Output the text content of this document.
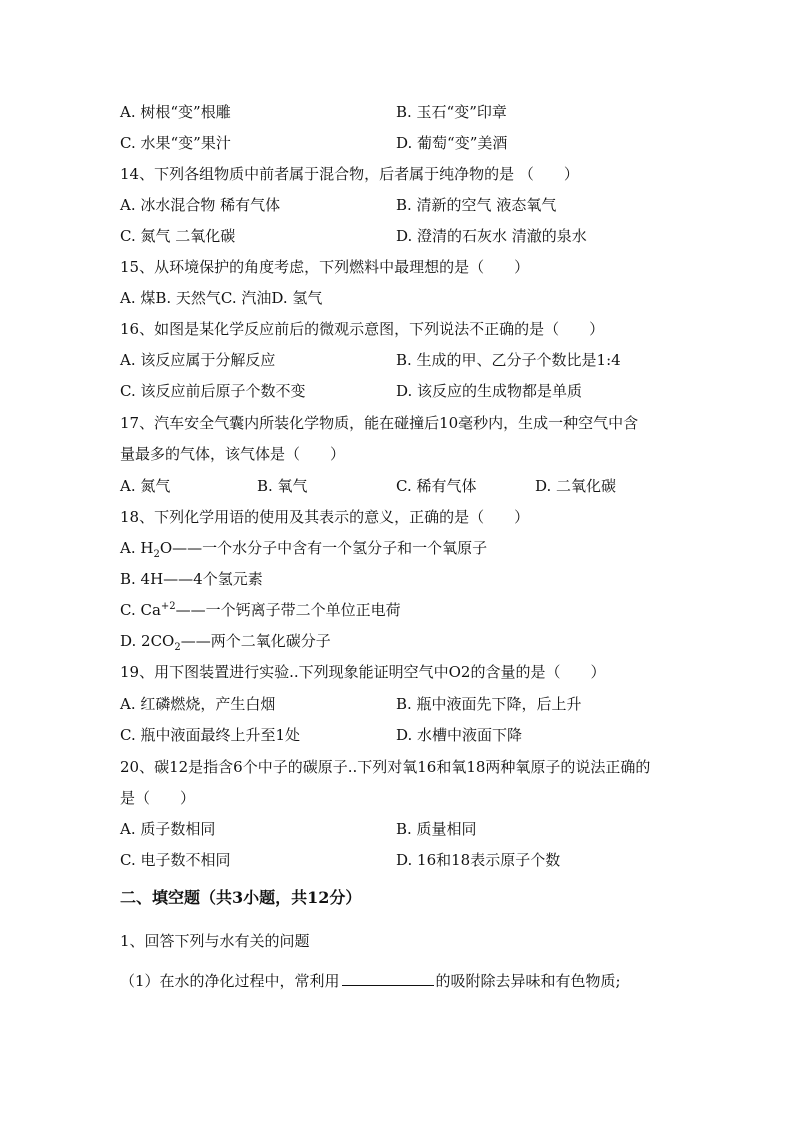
A. 树根“变”根雕	B. 玉石“变”印章
C. 水果“变”果汁	D. 葡萄“变”美酒
14、下列各组物质中前者属于混合物，后者属于纯净物的是 （　　）
A. 冰水混合物 稀有气体	B. 清新的空气 液态氧气
C. 氮气 二氧化碳	D. 澄清的石灰水 清澈的泉水
15、从环境保护的角度考虑，下列燃料中最理想的是（　　）
A. 煤B. 天然气C. 汽油D. 氢气
16、如图是某化学反应前后的微观示意图，下列说法不正确的是（　　）
A. 该反应属于分解反应	B. 生成的甲、乙分子个数比是1:4
C. 该反应前后原子个数不变	D. 该反应的生成物都是单质
17、汽车安全气囊内所装化学物质，能在碰撞后10毫秒内，生成一种空气中含
量最多的气体，该气体是（　　）
A. 氮气	B. 氧气	C. 稀有气体	D. 二氧化碳
18、下列化学用语的使用及其表示的意义，正确的是（　　）
A. $H_2O——$一个水分子中含有一个氢分子和一个氧原子
B. 4H——4个氢元素
C. $Ca^{+2}——$一个钙离子带二个单位正电荷
D. $2CO_2——$两个二氧化碳分子
19、用下图装置进行实验..下列现象能证明空气中O2的含量的是（　　）
A. 红磷燃烧，产生白烟	B. 瓶中液面先下降，后上升
C. 瓶中液面最终上升至1处	D. 水槽中液面下降
20、碳12是指含6个中子的碳原子..下列对氧16和氧18两种氧原子的说法正确的
是（　　）
A. 质子数相同	B. 质量相同
C. 电子数不相同	D. 16和18表示原子个数
二、填空题（共3小题，共12分）
1、回答下列与水有关的问题
（1）在水的净化过程中，常利用	的吸附除去异味和有色物质;
